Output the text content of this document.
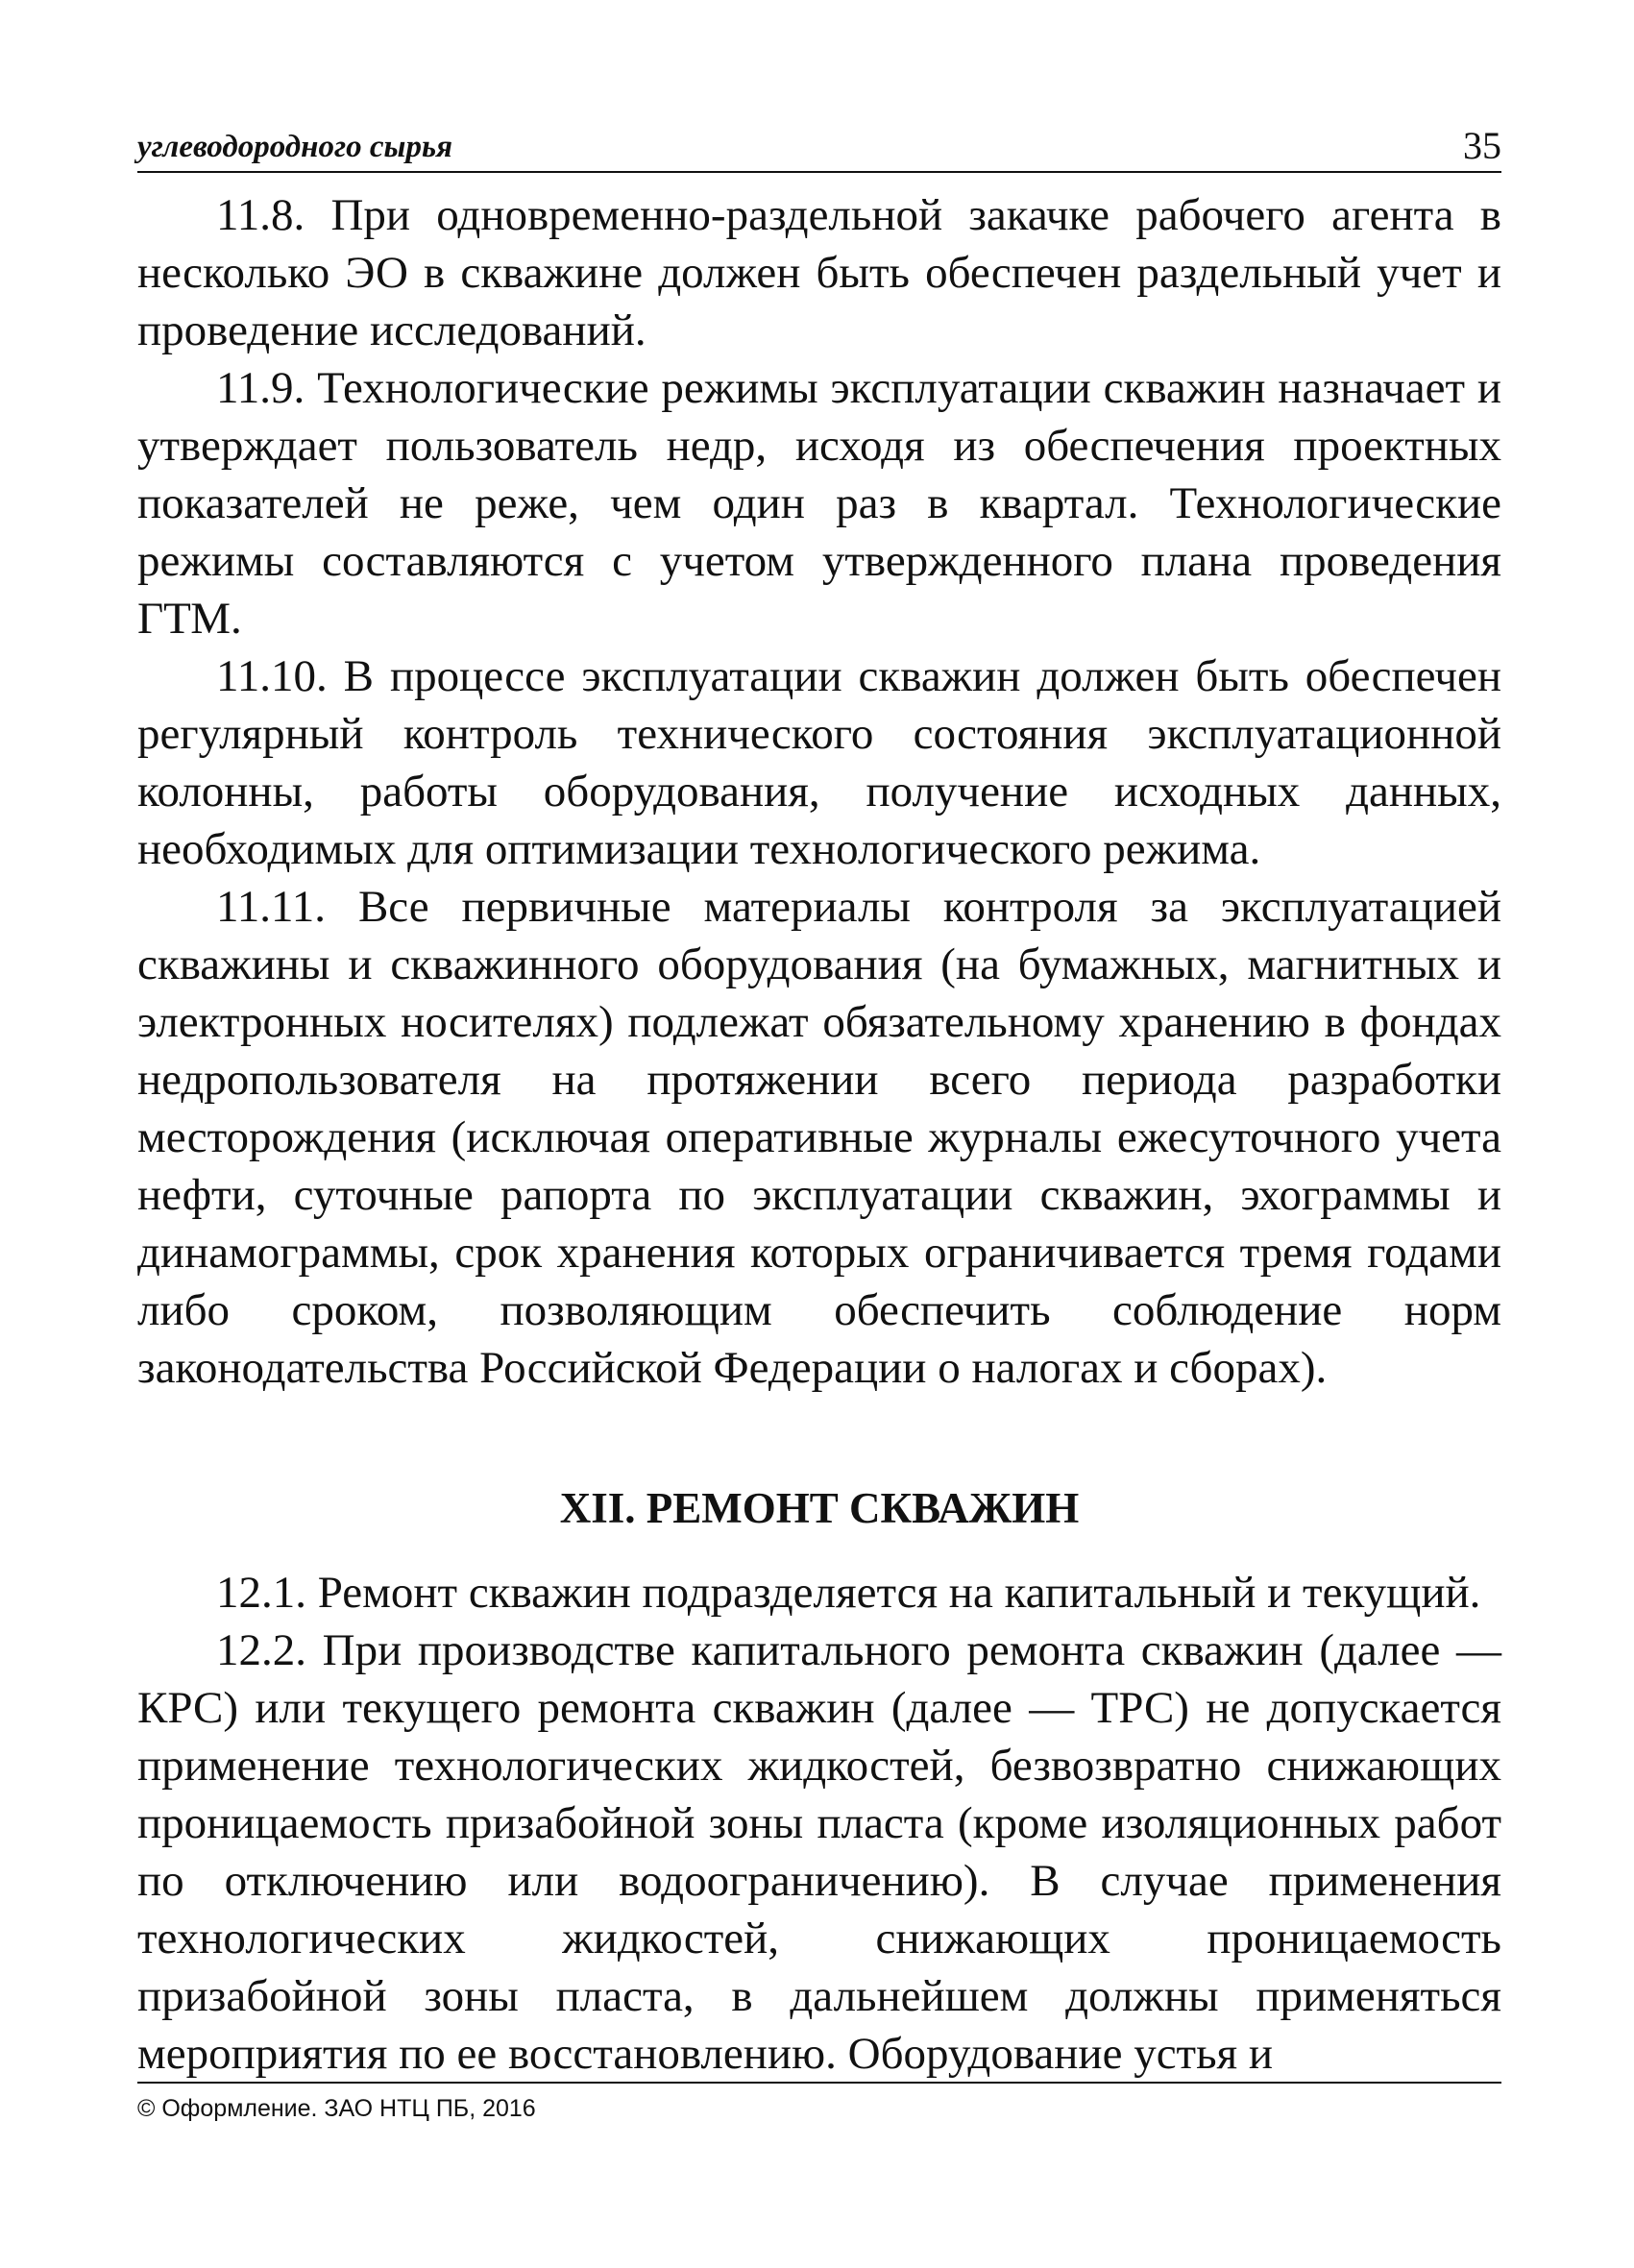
углеводородного сырья	35

11.8. При одновременно-раздельной закачке рабочего агента в несколько ЭО в скважине должен быть обеспечен раздельный учет и проведение исследований.

11.9. Технологические режимы эксплуатации скважин назначает и утверждает пользователь недр, исходя из обеспечения проектных показателей не реже, чем один раз в квартал. Технологические режимы составляются с учетом утвержденного плана проведения ГТМ.

11.10. В процессе эксплуатации скважин должен быть обеспечен регулярный контроль технического состояния эксплуатационной колонны, работы оборудования, получение исходных данных, необходимых для оптимизации технологического режима.

11.11. Все первичные материалы контроля за эксплуатацией скважины и скважинного оборудования (на бумажных, магнитных и электронных носителях) подлежат обязательному хранению в фондах недропользователя на протяжении всего периода разработки месторождения (исключая оперативные журналы ежесуточного учета нефти, суточные рапорта по эксплуатации скважин, эхограммы и динамограммы, срок хранения которых ограничивается тремя годами либо сроком, позволяющим обеспечить соблюдение норм законодательства Российской Федерации о налогах и сборах).

XII. РЕМОНТ СКВАЖИН

12.1. Ремонт скважин подразделяется на капитальный и текущий.

12.2. При производстве капитального ремонта скважин (далее — КРС) или текущего ремонта скважин (далее — ТРС) не допускается применение технологических жидкостей, безвозвратно снижающих проницаемость призабойной зоны пласта (кроме изоляционных работ по отключению или водоограничению). В случае применения технологических жидкостей, снижающих проницаемость призабойной зоны пласта, в дальнейшем должны применяться мероприятия по ее восстановлению. Оборудование устья и

© Оформление. ЗАО НТЦ ПБ, 2016
